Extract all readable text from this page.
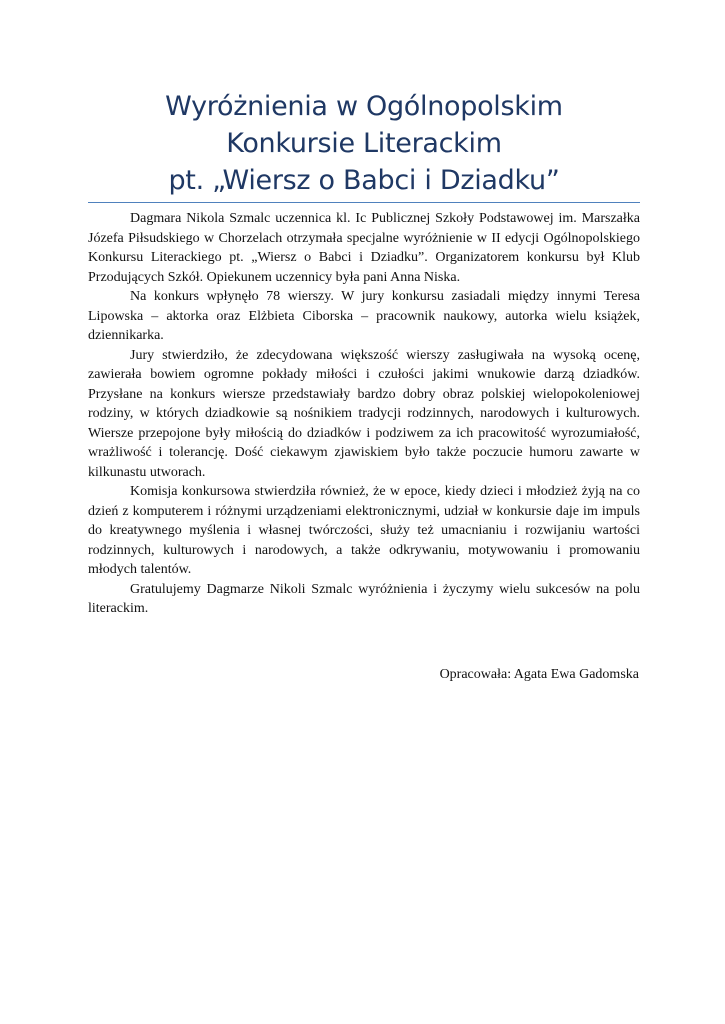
Wyróżnienia w Ogólnopolskim
Konkursie Literackim
pt. „Wiersz o Babci i Dziadku”

Dagmara Nikola Szmalc uczennica kl. Ic Publicznej Szkoły Podstawowej im. Marszałka Józefa Piłsudskiego w Chorzelach otrzymała specjalne wyróżnienie w II edycji Ogólnopolskiego Konkursu Literackiego pt. „Wiersz o Babci i Dziadku”. Organizatorem konkursu był Klub Przodujących Szkół. Opiekunem uczennicy była pani Anna Niska.

Na konkurs wpłynęło 78 wierszy. W jury konkursu zasiadali między innymi Teresa Lipowska – aktorka oraz Elżbieta Ciborska – pracownik naukowy, autorka wielu książek, dziennikarka.

Jury stwierdziło, że zdecydowana większość wierszy zasługiwała na wysoką ocenę, zawierała bowiem ogromne pokłady miłości i czułości jakimi wnukowie darzą dziadków. Przysłane na konkurs wiersze przedstawiały bardzo dobry obraz polskiej wielopokoleniowej rodziny, w których dziadkowie są nośnikiem tradycji rodzinnych, narodowych i kulturowych. Wiersze przepojone były miłością do dziadków i podziwem za ich pracowitość wyrozumiałość, wrażliwość i tolerancję. Dość ciekawym zjawiskiem było także poczucie humoru zawarte w kilkunastu utworach.

Komisja konkursowa stwierdziła również, że w epoce, kiedy dzieci i młodzież żyją na co dzień z komputerem i różnymi urządzeniami elektronicznymi, udział w konkursie daje im impuls do kreatywnego myślenia i własnej twórczości, służy też umacnianiu i rozwijaniu wartości rodzinnych, kulturowych i narodowych, a także odkrywaniu, motywowaniu i promowaniu młodych talentów.

Gratulujemy Dagmarze Nikoli Szmalc wyróżnienia i życzymy wielu sukcesów na polu literackim.

Opracowała: Agata Ewa Gadomska
